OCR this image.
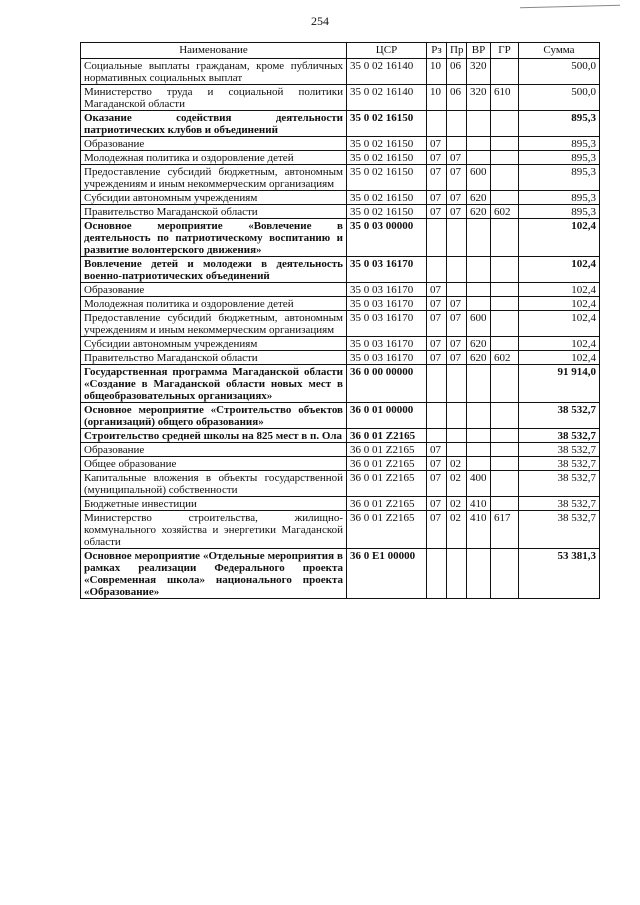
254
Наименование	ЦСР	Рз	Пр	ВР	ГР	Сумма
Социальные выплаты гражданам, кроме публичных нормативных социальных выплат	35 0 02 16140	10	06	320		500,0
Министерство труда и социальной политики Магаданской области	35 0 02 16140	10	06	320	610	500,0
Оказание содействия деятельности патриотических клубов и объединений	35 0 02 16150					895,3
Образование	35 0 02 16150	07				895,3
Молодежная политика и оздоровление детей	35 0 02 16150	07	07			895,3
Предоставление субсидий бюджетным, автономным учреждениям и иным некоммерческим организациям	35 0 02 16150	07	07	600		895,3
Субсидии автономным учреждениям	35 0 02 16150	07	07	620		895,3
Правительство Магаданской области	35 0 02 16150	07	07	620	602	895,3
Основное мероприятие «Вовлечение в деятельность по патриотическому воспитанию и развитие волонтерского движения»	35 0 03 00000					102,4
Вовлечение детей и молодежи в деятельность военно-патриотических объединений	35 0 03 16170					102,4
Образование	35 0 03 16170	07				102,4
Молодежная политика и оздоровление детей	35 0 03 16170	07	07			102,4
Предоставление субсидий бюджетным, автономным учреждениям и иным некоммерческим организациям	35 0 03 16170	07	07	600		102,4
Субсидии автономным учреждениям	35 0 03 16170	07	07	620		102,4
Правительство Магаданской области	35 0 03 16170	07	07	620	602	102,4
Государственная программа Магаданской области «Создание в Магаданской области новых мест в общеобразовательных организациях»	36 0 00 00000					91 914,0
Основное мероприятие «Строительство объектов (организаций) общего образования»	36 0 01 00000					38 532,7
Строительство средней школы на 825 мест в п. Ола	36 0 01 Z2165					38 532,7
Образование	36 0 01 Z2165	07				38 532,7
Общее образование	36 0 01 Z2165	07	02			38 532,7
Капитальные вложения в объекты государственной (муниципальной) собственности	36 0 01 Z2165	07	02	400		38 532,7
Бюджетные инвестиции	36 0 01 Z2165	07	02	410		38 532,7
Министерство строительства, жилищно-коммунального хозяйства и энергетики Магаданской области	36 0 01 Z2165	07	02	410	617	38 532,7
Основное мероприятие «Отдельные мероприятия в рамках реализации Федерального проекта «Современная школа» национального проекта «Образование»	36 0 E1 00000					53 381,3
